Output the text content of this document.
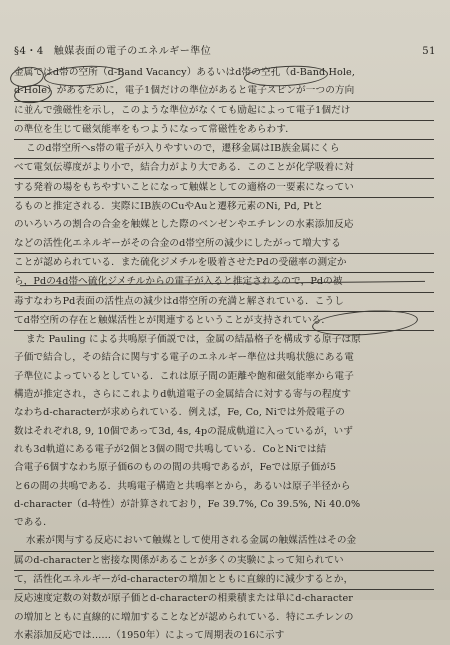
§4・4 触媒表面の電子のエネルギー準位	51
金属ではd帯の空所（d-Band Vacancy）あるいはd帯の空孔（d-Band Hole,
d-Hole）があるために，電子1個だけの準位があると電子スピンが一つの方向
に並んで強磁性を示し，このような準位がなくても励起によって電子1個だけ
の準位を生じて磁気能率をもつようになって常磁性をあらわす．
このd帯空所へs帯の電子が入りやすいので，遷移金属はIB族金属にくら
べて電気伝導度がより小で，結合力がより大である．このことが化学吸着に対
する発着の場をもちやすいことになって触媒としての適格の一要素になってい
るものと推定される．実際にIB族のCuやAuと遷移元素のNi, Pd, Ptと
のいろいろの割合の合金を触媒とした際のベンゼンやエチレンの水素添加反応
などの活性化エネルギーがその合金のd帯空所の減少にしたがって増大する
ことが認められている．また硫化ジメチルを吸着させたPdの受磁率の測定か
ら，Pdの4d帯へ硫化ジメチルからの電子が入ると推定されるので，Pdの被
毒すなわちPd表面の活性点の減少はd帯空所の充満と解されている．こうし
てd帯空所の存在と触媒活性とが関連するということが支持されている．
また Pauling による共鳴原子価説では，金属の結晶格子を構成する原子は原
子価で結合し，その結合に関与する電子のエネルギー準位は共鳴状態にある電
子準位によっているとしている．これは原子間の距離や飽和磁気能率から電子
構造が推定され，さらにこれよりd軌道電子の金属結合に対する寄与の程度す
なわちd-characterが求められている．例えば，Fe, Co, Niでは外殻電子の
数はそれぞれ8, 9, 10個であって3d, 4s, 4pの混成軌道に入っているが，いず
れも3d軌道にある電子が2個と3個の間で共鳴している．CoとNiでは結
合電子6個すなわち原子価6のものの間の共鳴であるが，Feでは原子価が5
と6の間の共鳴である．共鳴電子構造と共鳴率とから，あるいは原子半径から
d-character（d-特性）が計算されており，Fe 39.7%, Co 39.5%, Ni 40.0%
である．
水素が関与する反応において触媒として使用される金属の触媒活性はその金
属のd-characterと密接な関係があることが多くの実験によって知られてい
て，活性化エネルギーがd-characterの増加とともに直線的に減少するとか，
反応速度定数の対数が原子価とd-characterの相乗積または単にd-character
の増加とともに直線的に増加することなどが認められている．特にエチレンの
水素添加反応では……（1950年）によって周期表の16に示す
